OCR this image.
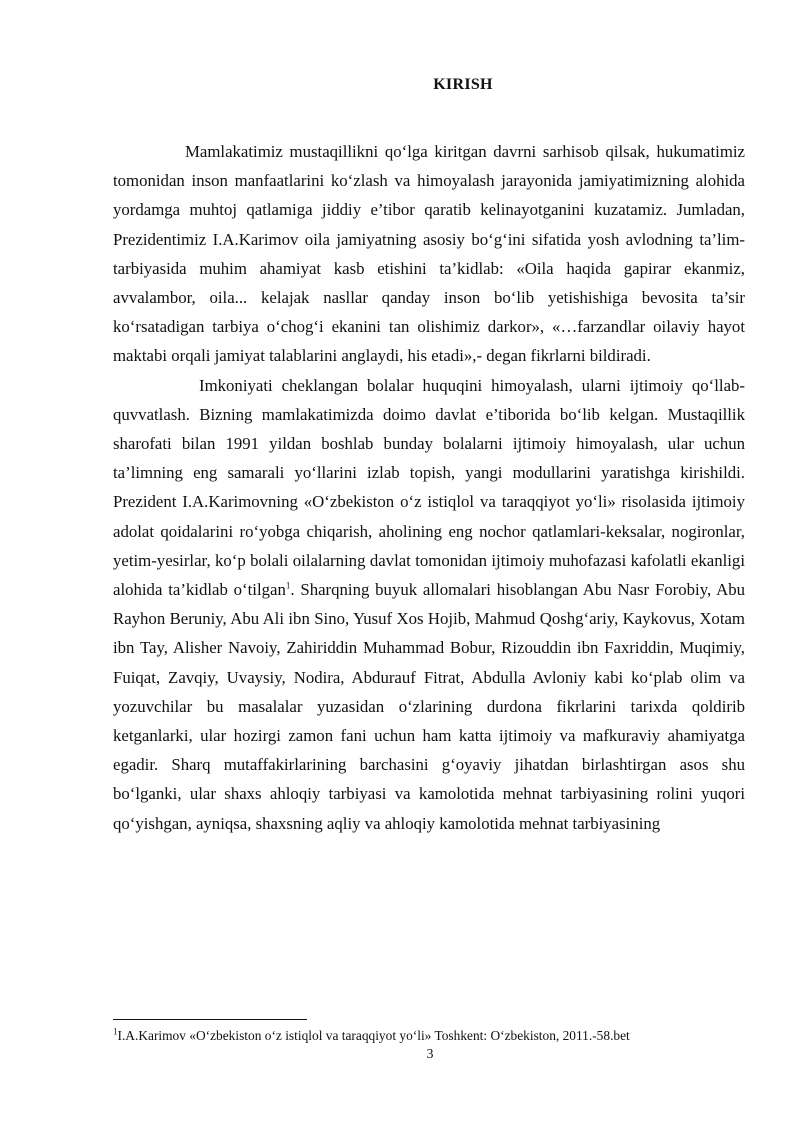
KIRISH

Mamlakatimiz mustaqillikni qo‘lga kiritgan davrni sarhisob qilsak, hukumatimiz tomonidan inson manfaatlarini ko‘zlash va himoyalash jarayonida jamiyatimizning alohida yordamga muhtoj qatlamiga jiddiy e’tibor qaratib kelinayotganini kuzatamiz. Jumladan, Prezidentimiz I.A.Karimov oila jamiyatning asosiy bo‘g‘ini sifatida yosh avlodning ta’lim-tarbiyasida muhim ahamiyat kasb etishini ta’kidlab: «Oila haqida gapirar ekanmiz, avvalambor, oila... kelajak nasllar qanday inson bo‘lib yetishishiga bevosita ta’sir ko‘rsatadigan tarbiya o‘chog‘i ekanini tan olishimiz darkor», «…farzandlar oilaviy hayot maktabi orqali jamiyat talablarini anglaydi, his etadi»,- degan fikrlarni bildiradi.

Imkoniyati cheklangan bolalar huquqini himoyalash, ularni ijtimoiy qo‘llab-quvvatlash. Bizning mamlakatimizda doimo davlat e’tiborida bo‘lib kelgan. Mustaqillik sharofati bilan 1991 yildan boshlab bunday bolalarni ijtimoiy himoyalash, ular uchun ta’limning eng samarali yo‘llarini izlab topish, yangi modullarini yaratishga kirishildi. Prezident I.A.Karimovning «O‘zbekiston o‘z istiqlol va taraqqiyot yo‘li» risolasida ijtimoiy adolat qoidalarini ro‘yobga chiqarish, aholining eng nochor qatlamlari-keksalar, nogironlar, yetim-yesirlar, ko‘p bolali oilalarning davlat tomonidan ijtimoiy muhofazasi kafolatli ekanligi alohida ta’kidlab o‘tilgan$^1$. Sharqning buyuk allomalari hisoblangan Abu Nasr Forobiy, Abu Rayhon Beruniy, Abu Ali ibn Sino, Yusuf Xos Hojib, Mahmud Qoshg‘ariy, Kaykovus, Xotam ibn Tay, Alisher Navoiy, Zahiriddin Muhammad Bobur, Rizouddin ibn Faxriddin, Muqimiy, Fuiqat, Zavqiy, Uvaysiy, Nodira, Abdurauf Fitrat, Abdulla Avloniy kabi ko‘plab olim va yozuvchilar bu masalalar yuzasidan o‘zlarining durdona fikrlarini tarixda qoldirib ketganlarki, ular hozirgi zamon fani uchun ham katta ijtimoiy va mafkuraviy ahamiyatga egadir. Sharq mutaffakirlarining barchasini g‘oyaviy jihatdan birlashtirgan asos shu bo‘lganki, ular shaxs ahloqiy tarbiyasi va kamolotida mehnat tarbiyasining rolini yuqori qo‘yishgan, ayniqsa, shaxsning aqliy va ahloqiy kamolotida mehnat tarbiyasining

$^1$I.A.Karimov «O‘zbekiston o‘z istiqlol va taraqqiyot yo‘li» Toshkent: O‘zbekiston, 2011.-58.bet
3
